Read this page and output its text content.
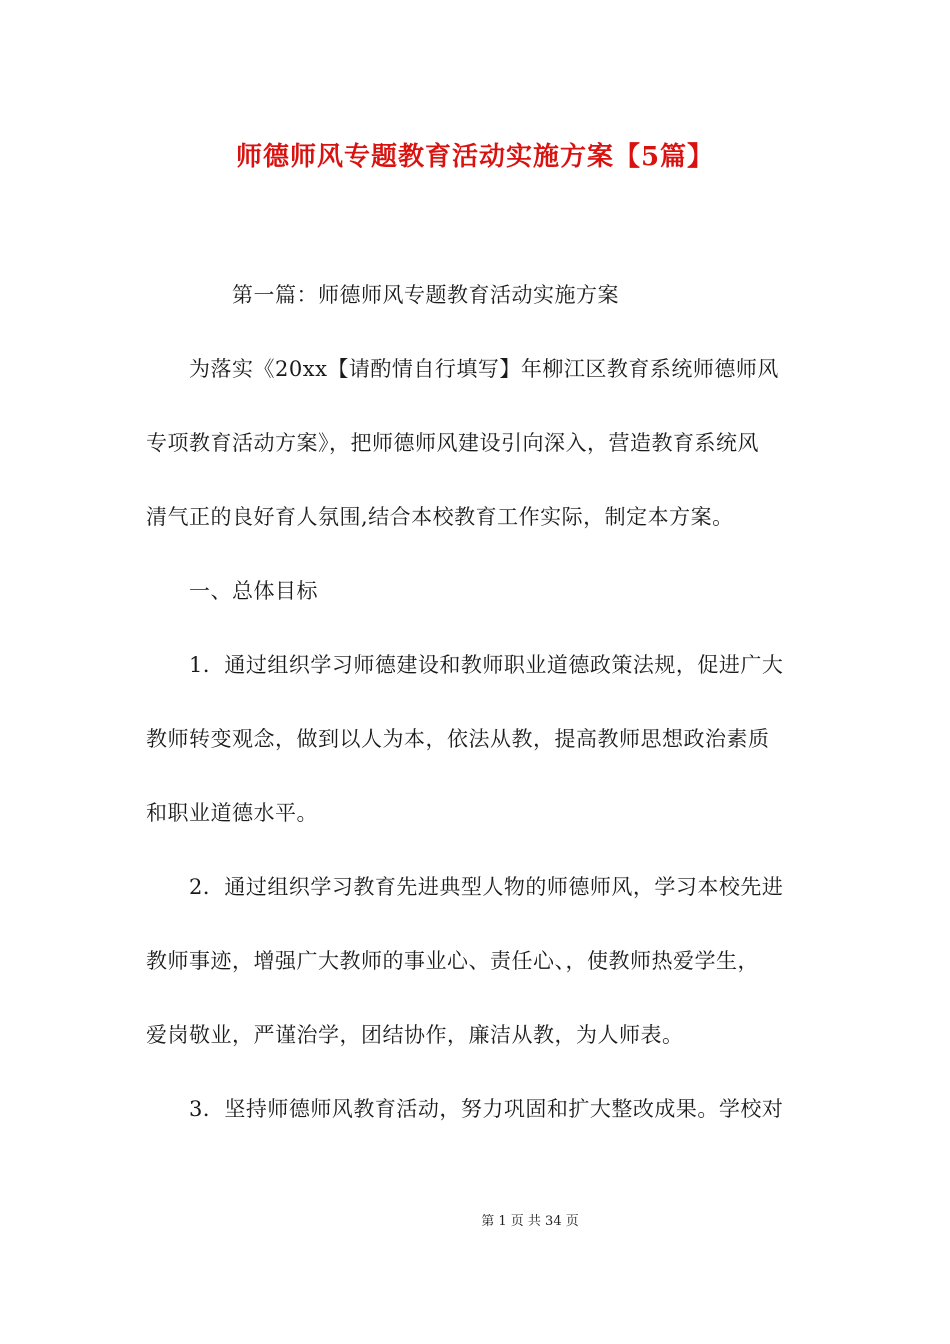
师德师风专题教育活动实施方案【5篇】
第一篇：师德师风专题教育活动实施方案
为落实《20xx【请酌情自行填写】年柳江区教育系统师德师风
专项教育活动方案》，把师德师风建设引向深入，营造教育系统风
清气正的良好育人氛围,结合本校教育工作实际，制定本方案。
一、总体目标
1．通过组织学习师德建设和教师职业道德政策法规，促进广大
教师转变观念，做到以人为本，依法从教，提高教师思想政治素质
和职业道德水平。
2．通过组织学习教育先进典型人物的师德师风，学习本校先进
教师事迹，增强广大教师的事业心、责任心、，使教师热爱学生，
爱岗敬业，严谨治学，团结协作，廉洁从教，为人师表。
3．坚持师德师风教育活动，努力巩固和扩大整改成果。学校对
第 1 页 共 34 页
